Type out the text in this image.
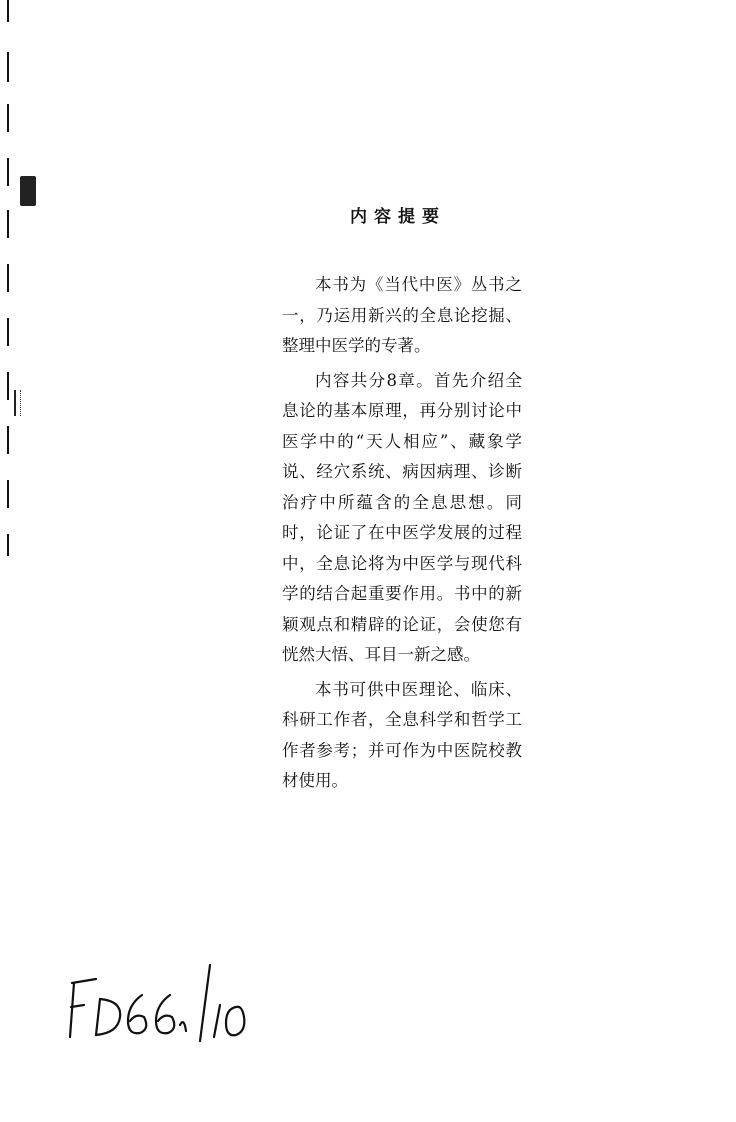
内容提要

本书为《当代中医》丛书之一，乃运用新兴的全息论挖掘、整理中医学的专著。

内容共分8章。首先介绍全息论的基本原理，再分别讨论中医学中的“天人相应”、藏象学说、经穴系统、病因病理、诊断治疗中所蕴含的全息思想。同时，论证了在中医学发展的过程中，全息论将为中医学与现代科学的结合起重要作用。书中的新颖观点和精辟的论证，会使您有恍然大悟、耳目一新之感。

本书可供中医理论、临床、科研工作者，全息科学和哲学工作者参考；并可作为中医院校教材使用。
